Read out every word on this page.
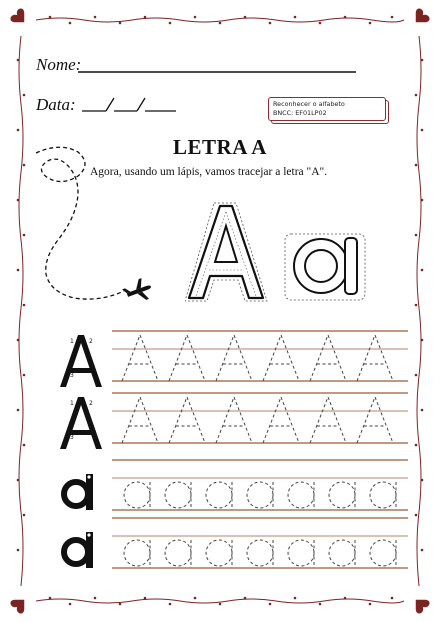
Nome:
Data:	Reconhecer o alfabeto
BNCC: EF01LP02
LETRA A
Agora, usando um lápis, vamos tracejar a letra "A".
1	2
3
1	2
3
